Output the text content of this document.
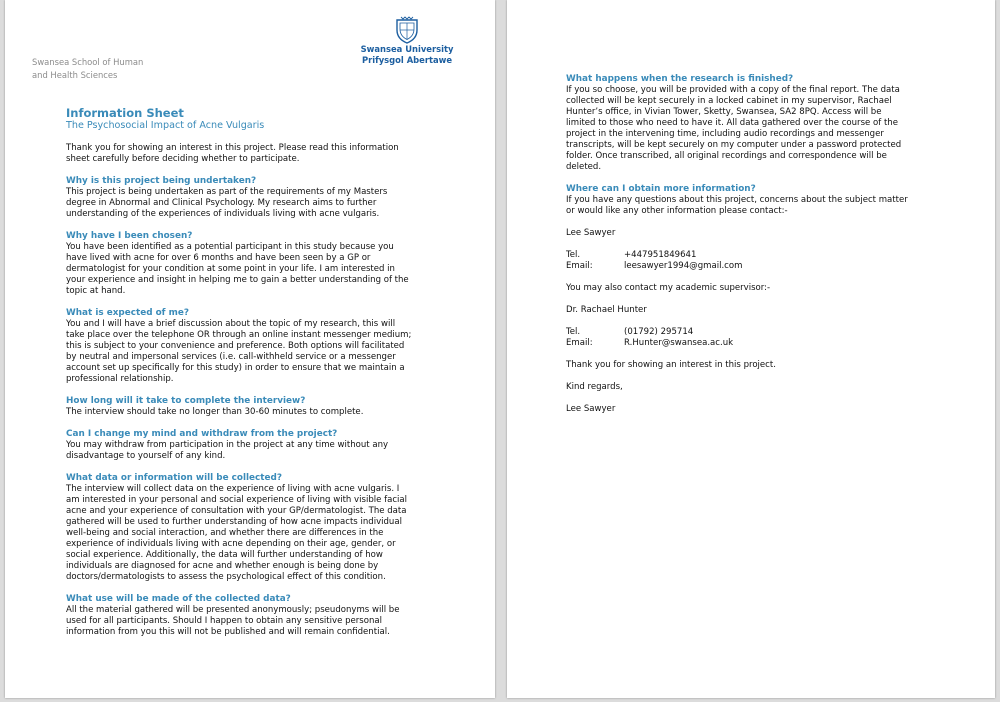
Swansea School of Human
and Health Sciences
Swansea University
Prifysgol Abertawe
Information Sheet
The Psychosocial Impact of Acne Vulgaris

Thank you for showing an interest in this project. Please read this information
sheet carefully before deciding whether to participate.

Why is this project being undertaken?

This project is being undertaken as part of the requirements of my Masters
degree in Abnormal and Clinical Psychology. My research aims to further
understanding of the experiences of individuals living with acne vulgaris.

Why have I been chosen?

You have been identified as a potential participant in this study because you
have lived with acne for over 6 months and have been seen by a GP or
dermatologist for your condition at some point in your life. I am interested in
your experience and insight in helping me to gain a better understanding of the
topic at hand.

What is expected of me?

You and I will have a brief discussion about the topic of my research, this will
take place over the telephone OR through an online instant messenger medium;
this is subject to your convenience and preference. Both options will facilitated
by neutral and impersonal services (i.e. call-withheld service or a messenger
account set up specifically for this study) in order to ensure that we maintain a
professional relationship.

How long will it take to complete the interview?

The interview should take no longer than 30-60 minutes to complete.

Can I change my mind and withdraw from the project?

You may withdraw from participation in the project at any time without any
disadvantage to yourself of any kind.

What data or information will be collected?

The interview will collect data on the experience of living with acne vulgaris. I
am interested in your personal and social experience of living with visible facial
acne and your experience of consultation with your GP/dermatologist. The data
gathered will be used to further understanding of how acne impacts individual
well-being and social interaction, and whether there are differences in the
experience of individuals living with acne depending on their age, gender, or
social experience. Additionally, the data will further understanding of how
individuals are diagnosed for acne and whether enough is being done by
doctors/dermatologists to assess the psychological effect of this condition.

What use will be made of the collected data?

All the material gathered will be presented anonymously; pseudonyms will be
used for all participants. Should I happen to obtain any sensitive personal
information from you this will not be published and will remain confidential.

What happens when the research is finished?

If you so choose, you will be provided with a copy of the final report. The data
collected will be kept securely in a locked cabinet in my supervisor, Rachael
Hunter’s office, in Vivian Tower, Sketty, Swansea, SA2 8PQ. Access will be
limited to those who need to have it. All data gathered over the course of the
project in the intervening time, including audio recordings and messenger
transcripts, will be kept securely on my computer under a password protected
folder. Once transcribed, all original recordings and correspondence will be
deleted.

Where can I obtain more information?

If you have any questions about this project, concerns about the subject matter
or would like any other information please contact:-

Lee Sawyer
Tel.	+447951849641
Email:	leesawyer1994@gmail.com
You may also contact my academic supervisor:-
Dr. Rachael Hunter
Tel.	(01792) 295714
Email:	R.Hunter@swansea.ac.uk
Thank you for showing an interest in this project.
Kind regards,
Lee Sawyer
